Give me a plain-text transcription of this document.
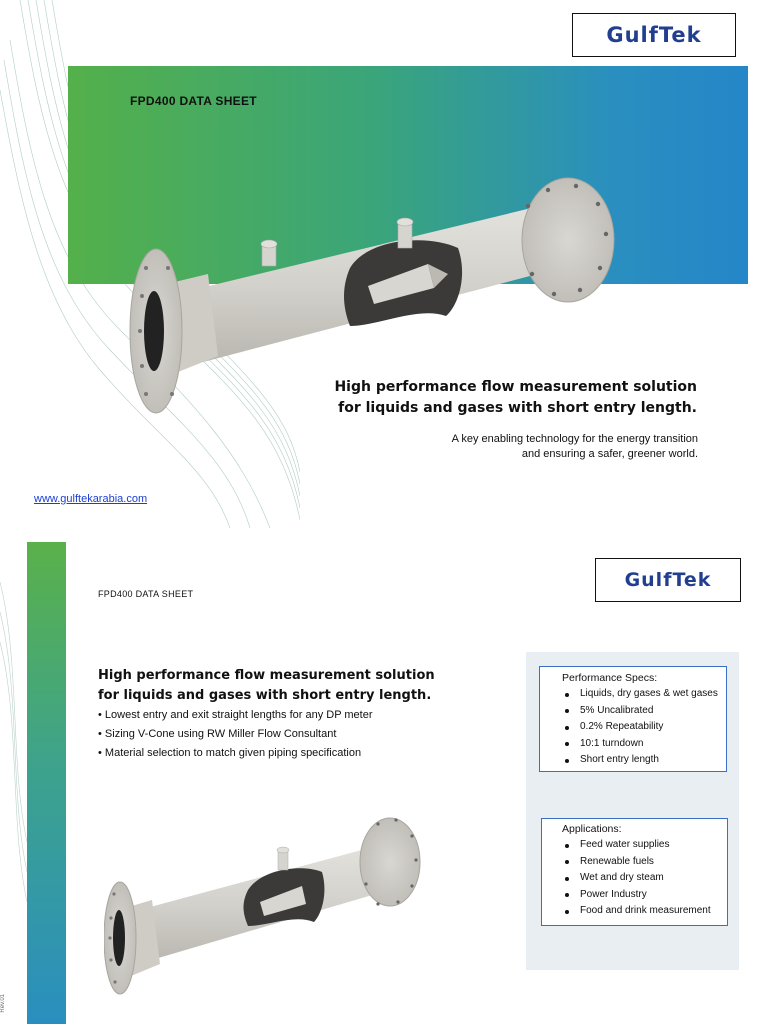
GulfTek
FPD400 DATA SHEET
High performance flow measurement solution
for liquids and gases with short entry length.
A key enabling technology for the energy transition
and ensuring a safer, greener world.
www.gulftekarabia.com
GulfTek
FPD400 DATA SHEET
High performance flow measurement solution
for liquids and gases with short entry length.
• Lowest entry and exit straight lengths for any DP meter
• Sizing V-Cone using RW Miller Flow Consultant
• Material selection to match given piping specification
Performance Specs:
Liquids, dry gases & wet gases
5% Uncalibrated
0.2% Repeatability
10:1 turndown
Short entry length
Applications:
Feed water supplies
Renewable fuels
Wet and dry steam
Power Industry
Food and drink measurement
Rev.01
